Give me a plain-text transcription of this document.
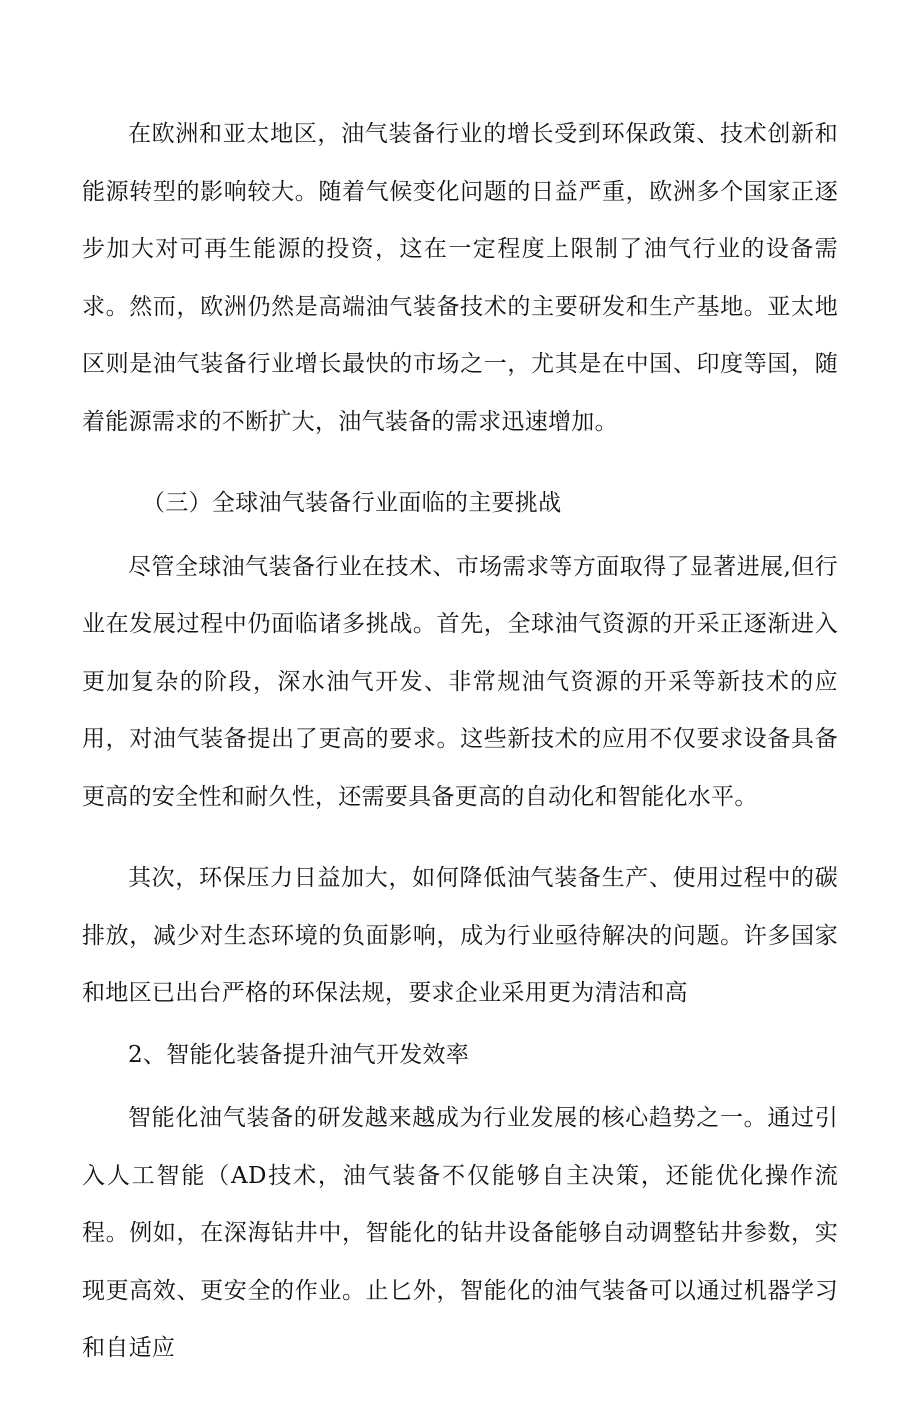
在欧洲和亚太地区，油气装备行业的增长受到环保政策、技术创新和能源转型的影响较大。随着气候变化问题的日益严重，欧洲多个国家正逐步加大对可再生能源的投资，这在一定程度上限制了油气行业的设备需求。然而，欧洲仍然是高端油气装备技术的主要研发和生产基地。亚太地区则是油气装备行业增长最快的市场之一，尤其是在中国、印度等国，随着能源需求的不断扩大，油气装备的需求迅速增加。

（三）全球油气装备行业面临的主要挑战

尽管全球油气装备行业在技术、市场需求等方面取得了显著进展,但行业在发展过程中仍面临诸多挑战。首先，全球油气资源的开采正逐渐进入更加复杂的阶段，深水油气开发、非常规油气资源的开采等新技术的应用，对油气装备提出了更高的要求。这些新技术的应用不仅要求设备具备更高的安全性和耐久性，还需要具备更高的自动化和智能化水平。

其次，环保压力日益加大，如何降低油气装备生产、使用过程中的碳排放，减少对生态环境的负面影响，成为行业亟待解决的问题。许多国家和地区已出台严格的环保法规，要求企业采用更为清洁和高

2、智能化装备提升油气开发效率

智能化油气装备的研发越来越成为行业发展的核心趋势之一。通过引入人工智能（AD技术，油气装备不仅能够自主决策，还能优化操作流程。例如，在深海钻井中，智能化的钻井设备能够自动调整钻井参数，实现更高效、更安全的作业。止匕外，智能化的油气装备可以通过机器学习和自适应
